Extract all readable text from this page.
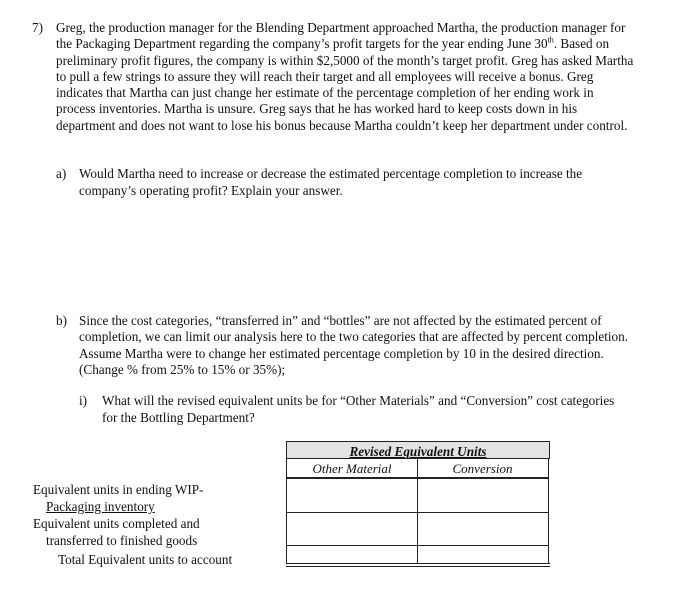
7) Greg, the production manager for the Blending Department approached Martha, the production manager for the Packaging Department regarding the company’s profit targets for the year ending June 30th. Based on preliminary profit figures, the company is within $2,5000 of the month’s target profit. Greg has asked Martha to pull a few strings to assure they will reach their target and all employees will receive a bonus. Greg indicates that Martha can just change her estimate of the percentage completion of her ending work in process inventories. Martha is unsure. Greg says that he has worked hard to keep costs down in his department and does not want to lose his bonus because Martha couldn’t keep her department under control.
a) Would Martha need to increase or decrease the estimated percentage completion to increase the company’s operating profit? Explain your answer.
b) Since the cost categories, “transferred in” and “bottles” are not affected by the estimated percent of completion, we can limit our analysis here to the two categories that are affected by percent completion. Assume Martha were to change her estimated percentage completion by 10 in the desired direction. (Change % from 25% to 15% or 35%);
i) What will the revised equivalent units be for “Other Materials” and “Conversion” cost categories for the Bottling Department?
Revised Equivalent Units
Other Material	Conversion
Equivalent units in ending WIP-
Packaging inventory
Equivalent units completed and
transferred to finished goods
Total Equivalent units to account
